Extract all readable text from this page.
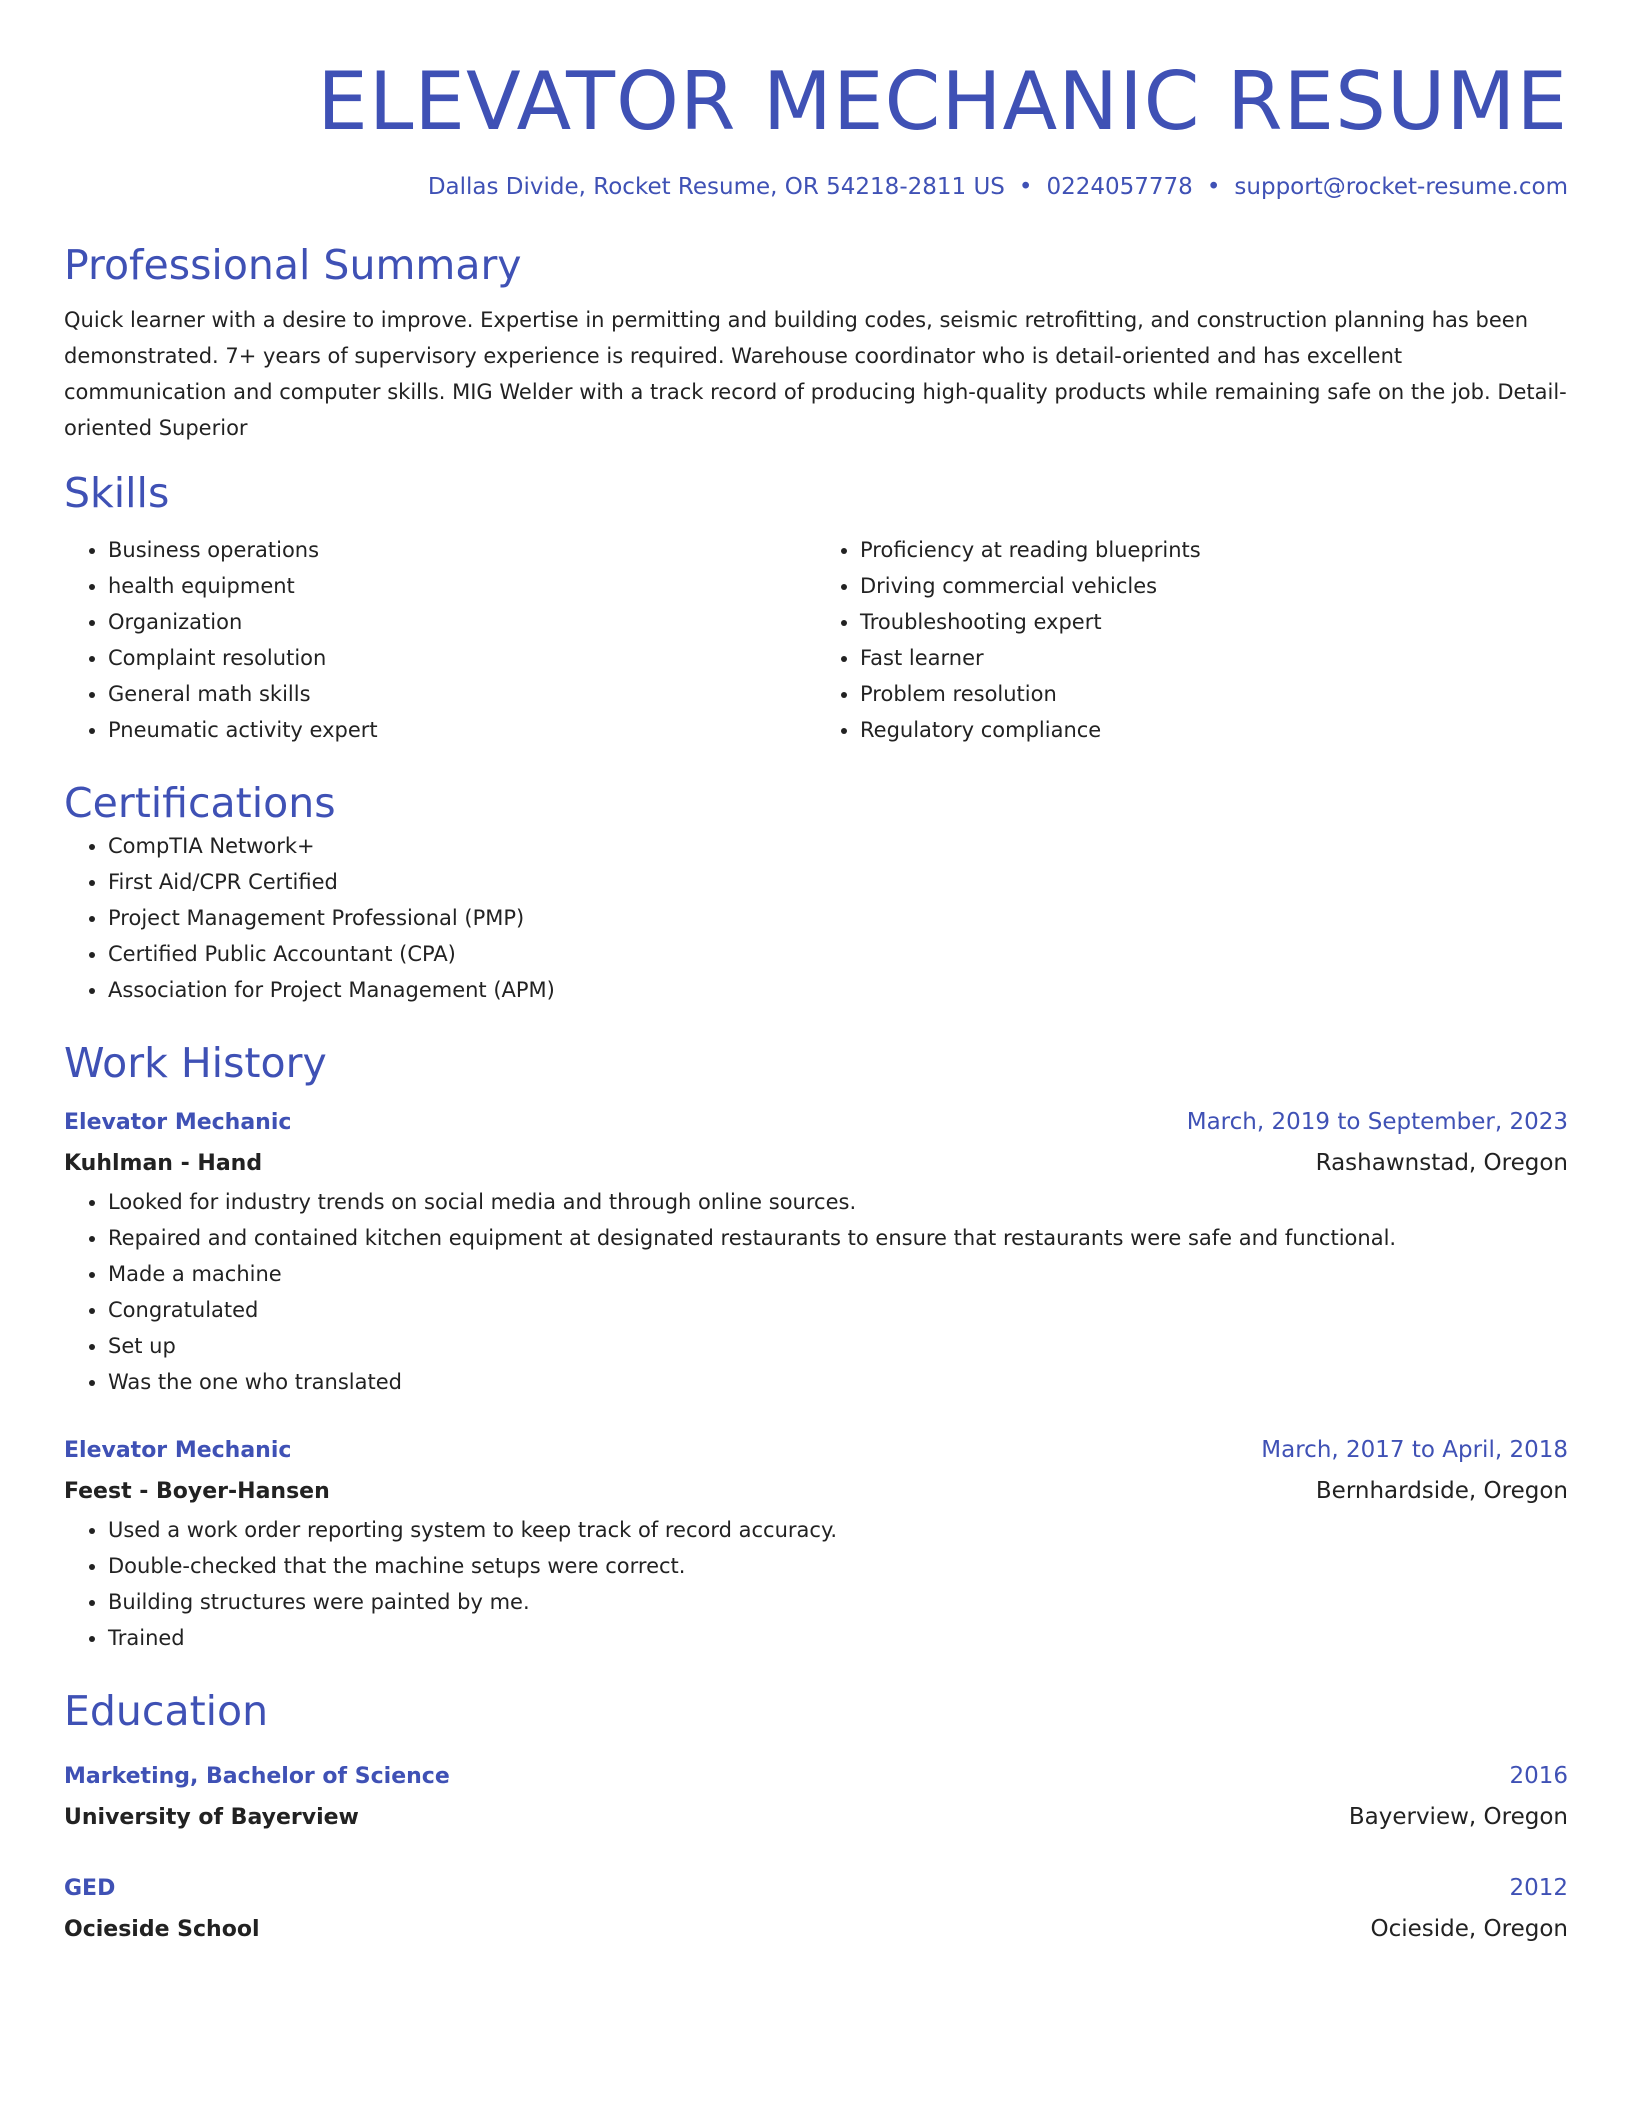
ELEVATOR MECHANIC RESUME
Dallas Divide, Rocket Resume, OR 54218-2811 US • 0224057778 • support@rocket-resume.com
Professional Summary
Quick learner with a desire to improve. Expertise in permitting and building codes, seismic retrofitting, and construction planning has been demonstrated. 7+ years of supervisory experience is required. Warehouse coordinator who is detail-oriented and has excellent communication and computer skills. MIG Welder with a track record of producing high-quality products while remaining safe on the job. Detail-oriented Superior
Skills
• Business operations
• health equipment
• Organization
• Complaint resolution
• General math skills
• Pneumatic activity expert
• Proficiency at reading blueprints
• Driving commercial vehicles
• Troubleshooting expert
• Fast learner
• Problem resolution
• Regulatory compliance
Certifications
• CompTIA Network+
• First Aid/CPR Certified
• Project Management Professional (PMP)
• Certified Public Accountant (CPA)
• Association for Project Management (APM)
Work History
Elevator Mechanic	March, 2019 to September, 2023
Kuhlman - Hand	Rashawnstad, Oregon
• Looked for industry trends on social media and through online sources.
• Repaired and contained kitchen equipment at designated restaurants to ensure that restaurants were safe and functional.
• Made a machine
• Congratulated
• Set up
• Was the one who translated
Elevator Mechanic	March, 2017 to April, 2018
Feest - Boyer-Hansen	Bernhardside, Oregon
• Used a work order reporting system to keep track of record accuracy.
• Double-checked that the machine setups were correct.
• Building structures were painted by me.
• Trained
Education
Marketing, Bachelor of Science	2016
University of Bayerview	Bayerview, Oregon
GED	2012
Ocieside School	Ocieside, Oregon
